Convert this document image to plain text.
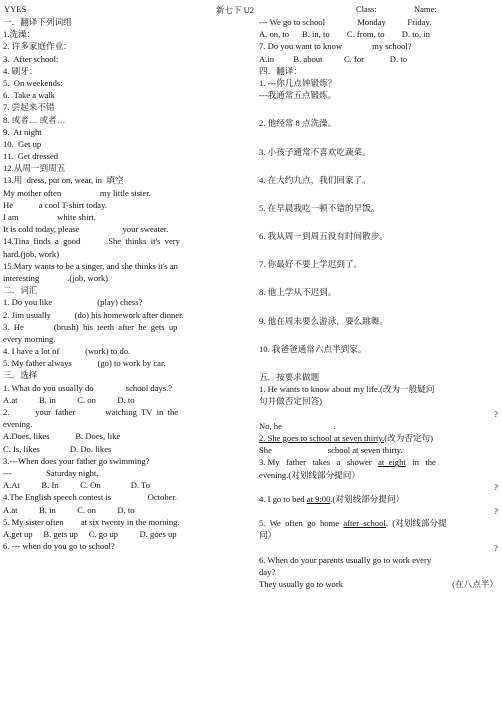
YYES	新七下 U2	Class:	Name:
一．翻译下列词组
1.洗澡：
2. 许多家庭作业：
3.  After school:
4. 刷牙：
5.  On weekends:
6.  Take a walk
7. 尝起来不错
8. 或者… 或者…
9.  At night
10.  Get up
11.  Get dressed
12.从周一到周五
13.用  dress, put on, wear, in  填空
My mother often                  my little sister.
He            a cool T-shirt today.
I am                  white shirt.
It is cold today, please                    your sweater.
14.Tina  finds  a  good            .She  thinks  it's  very
hard.(job, work)
15.Mary wants to be a singer, and she thinks it's an
interesting             .(job, work)
二．词汇
1. Do you like                     (play) chess?
2. Jim usually           (do) his homework after dinner.
3.  He              (brush)  his  teeth  after  he  gets  up
every morning.
4. I have a lot of            (work) to do.
5. My father always            (go) to work by car.
三．选择
1. What do you usually do               school days.?
A.at          B. in          C. on          D. to
2.            your  father              watching  TV  in  the
evening.
A.Does, likes            B. Does, like
C. Is, likes              D. Do. likes
3.---When does your father go swimming?
---                Saturday night.
A.At          B. In          C. On              D. To
4.The English speech contest is                 October.
A.at          B. in          C. on          D. to
5. My sister often        at six twenty in the morning.
A.get up     B. gets up     C. go up          D. goes up
6. --- when do you go to school?
--- We go to school               Monday          Friday.
A. on, to      B. in, to        C. from, to        D. to, in
7. Do you want to know              my school?
A.in         B. about          C. for            D. to
四．翻译：
1. ---你几点钟锻炼？
---我通常五点锻炼。
2. 他经常 8 点洗澡。
3. 小孩子通常不喜欢吃蔬菜。
4. 在大约九点，我们回家了。
5. 在早晨我吃一顿不错的早饭。
6. 我从周一到周五没有时间散步。
7. 你最好不要上学迟到了。
8. 他上学从不迟到。
9. 他在周末要么游泳，要么跳舞。
10. 我爸爸通常六点半到家。
五．按要求做题
1. He wants to know about my life.(改为一般疑问
句并做否定回答)
?
No, he                        .
2. She goes to school at seven thirty.(改为否定句)
She                          school at seven thirty.
3. My   father   takes   a   shower   at  eight   in   the
evening.(对划线部分提问）
?
4. I go to bed at 9:00.(对划线部分提问）
?
5.  We  often  go  home  after  school.  (对划线部分提
问）
?
6. When do your parents usually go to work every
day?
They usually go to work	(在八点半）
